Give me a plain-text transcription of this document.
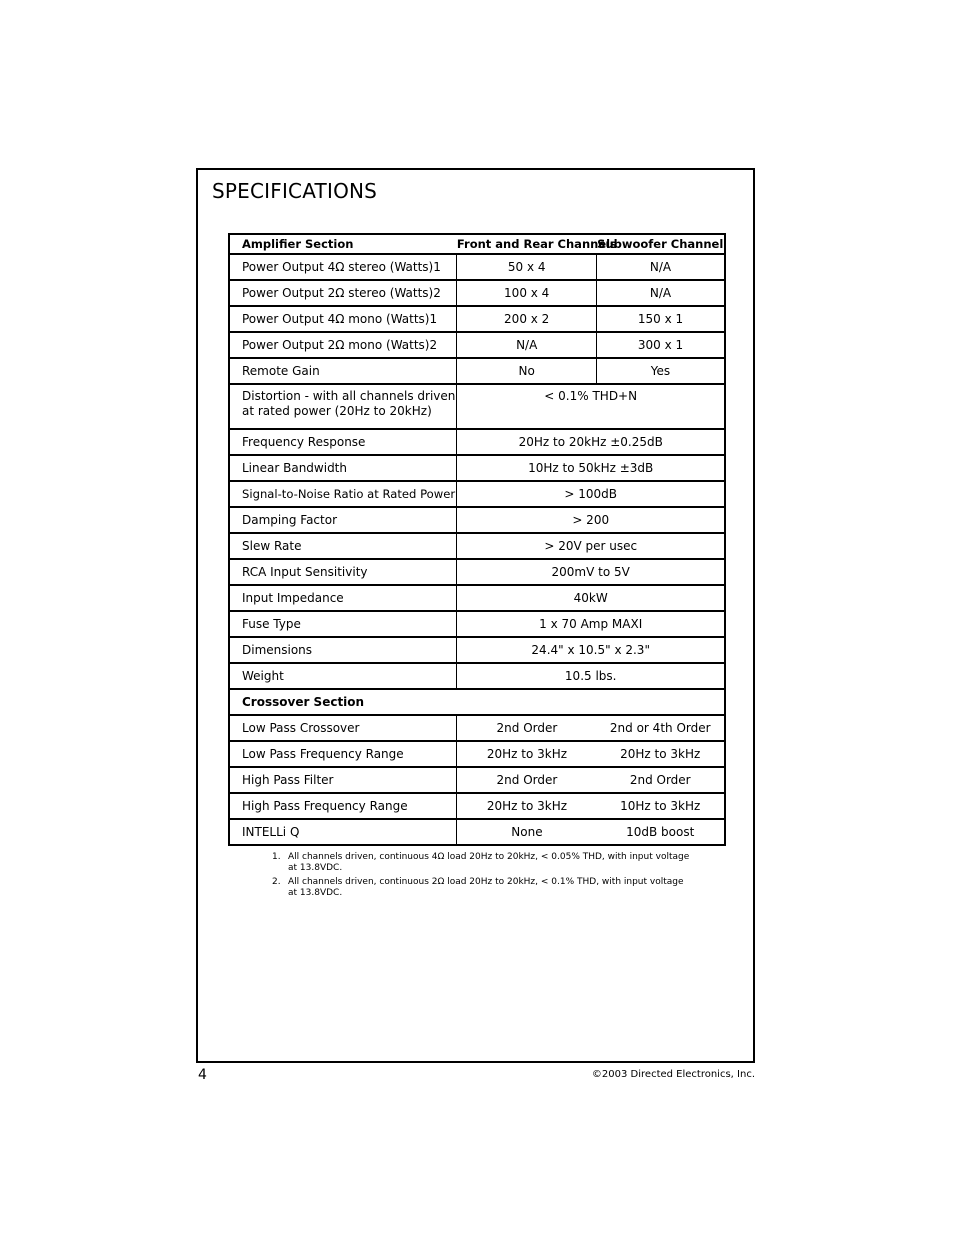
SPECIFICATIONS
Amplifier Section	Front and Rear Channels	Subwoofer Channel
Power Output 4Ω stereo (Watts)1	50 x 4	N/A
Power Output 2Ω stereo (Watts)2	100 x 4	N/A
Power Output 4Ω mono (Watts)1	200 x 2	150 x 1
Power Output 2Ω mono (Watts)2	N/A	300 x 1
Remote Gain	No	Yes
Distortion - with all channels driven at rated power (20Hz to 20kHz)	< 0.1% THD+N	
Frequency Response	20Hz to 20kHz ±0.25dB	
Linear Bandwidth	10Hz to 50kHz ±3dB	
Signal-to-Noise Ratio at Rated Power	> 100dB	
Damping Factor	> 200	
Slew Rate	> 20V per usec	
RCA Input Sensitivity	200mV to 5V	
Input Impedance	40kW	
Fuse Type	1 x 70 Amp MAXI	
Dimensions	24.4" x 10.5" x 2.3"	
Weight	10.5 lbs.	
Crossover Section		
Low Pass Crossover	2nd Order	2nd or 4th Order
Low Pass Frequency Range	20Hz to 3kHz	20Hz to 3kHz
High Pass Filter	2nd Order	2nd Order
High Pass Frequency Range	20Hz to 3kHz	10Hz to 3kHz
INTELLi Q	None	10dB boost
1. All channels driven, continuous 4Ω load 20Hz to 20kHz, < 0.05% THD, with input voltage at 13.8VDC.
2. All channels driven, continuous 2Ω load 20Hz to 20kHz, < 0.1% THD, with input voltage at 13.8VDC.
4	©2003 Directed Electronics, Inc.
